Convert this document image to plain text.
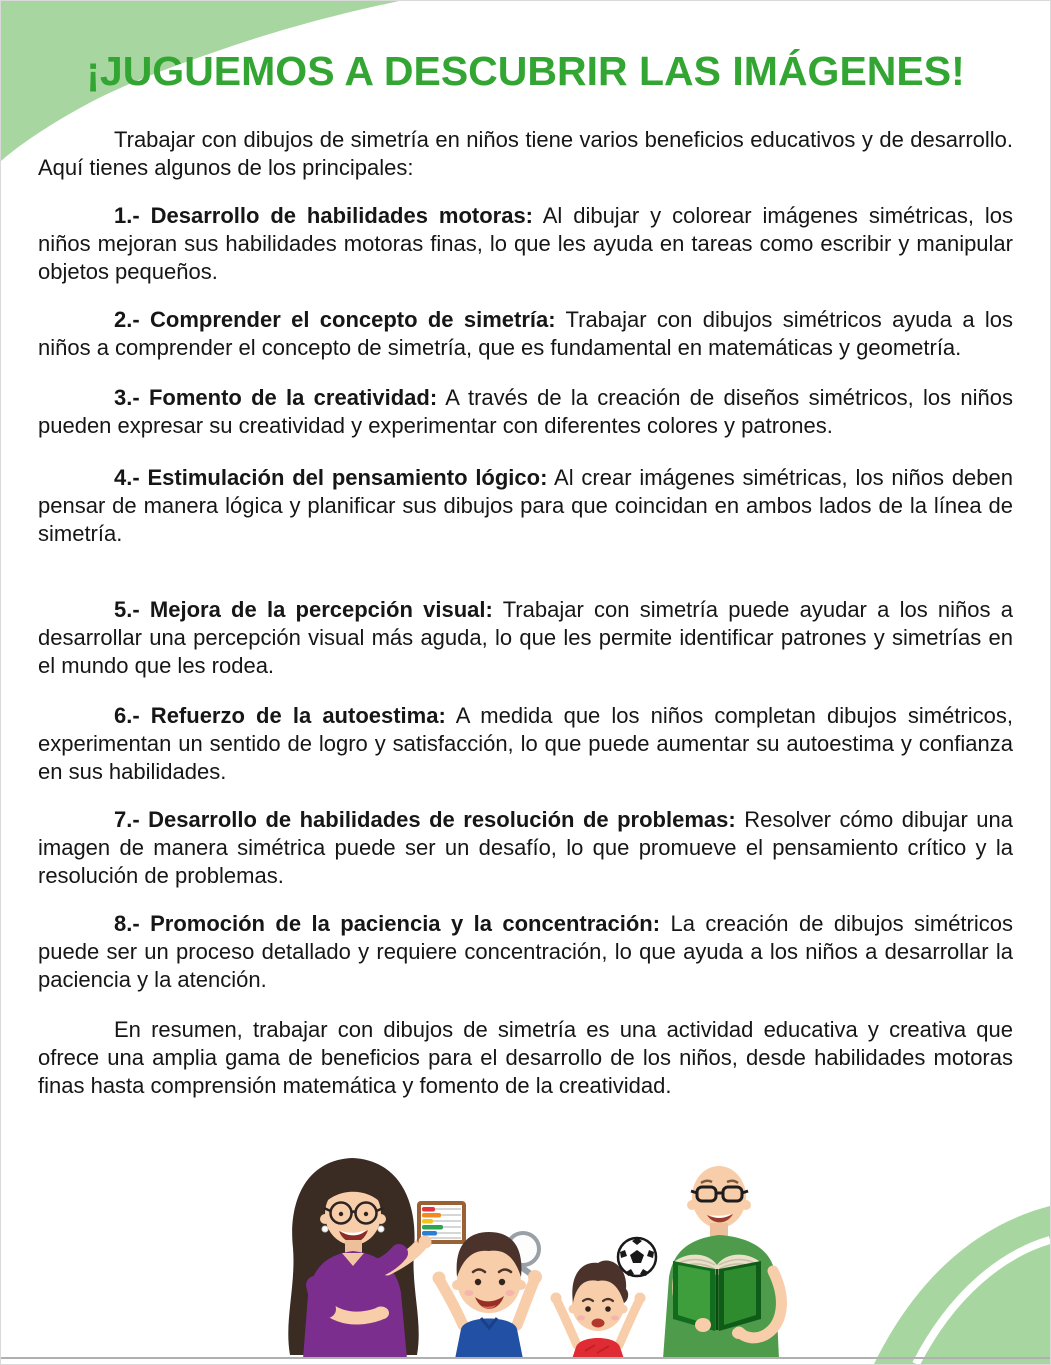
¡JUGUEMOS A DESCUBRIR LAS IMÁGENES!

Trabajar con dibujos de simetría en niños tiene varios beneficios educativos y de desarrollo. Aquí tienes algunos de los principales:

1.- Desarrollo de habilidades motoras: Al dibujar y colorear imágenes simétricas, los niños mejoran sus habilidades motoras finas, lo que les ayuda en tareas como escribir y manipular objetos pequeños.

2.- Comprender el concepto de simetría: Trabajar con dibujos simétricos ayuda a los niños a comprender el concepto de simetría, que es fundamental en matemáticas y geometría.

3.- Fomento de la creatividad: A través de la creación de diseños simétricos, los niños pueden expresar su creatividad y experimentar con diferentes colores y patrones.

4.- Estimulación del pensamiento lógico: Al crear imágenes simétricas, los niños deben pensar de manera lógica y planificar sus dibujos para que coincidan en ambos lados de la línea de simetría.

5.- Mejora de la percepción visual: Trabajar con simetría puede ayudar a los niños a desarrollar una percepción visual más aguda, lo que les permite identificar patrones y simetrías en el mundo que les rodea.

6.- Refuerzo de la autoestima: A medida que los niños completan dibujos simétricos, experimentan un sentido de logro y satisfacción, lo que puede aumentar su autoestima y confianza en sus habilidades.

7.- Desarrollo de habilidades de resolución de problemas: Resolver cómo dibujar una imagen de manera simétrica puede ser un desafío, lo que promueve el pensamiento crítico y la resolución de problemas.

8.- Promoción de la paciencia y la concentración: La creación de dibujos simétricos puede ser un proceso detallado y requiere concentración, lo que ayuda a los niños a desarrollar la paciencia y la atención.

En resumen, trabajar con dibujos de simetría es una actividad educativa y creativa que ofrece una amplia gama de beneficios para el desarrollo de los niños, desde habilidades motoras finas hasta comprensión matemática y fomento de la creatividad.
